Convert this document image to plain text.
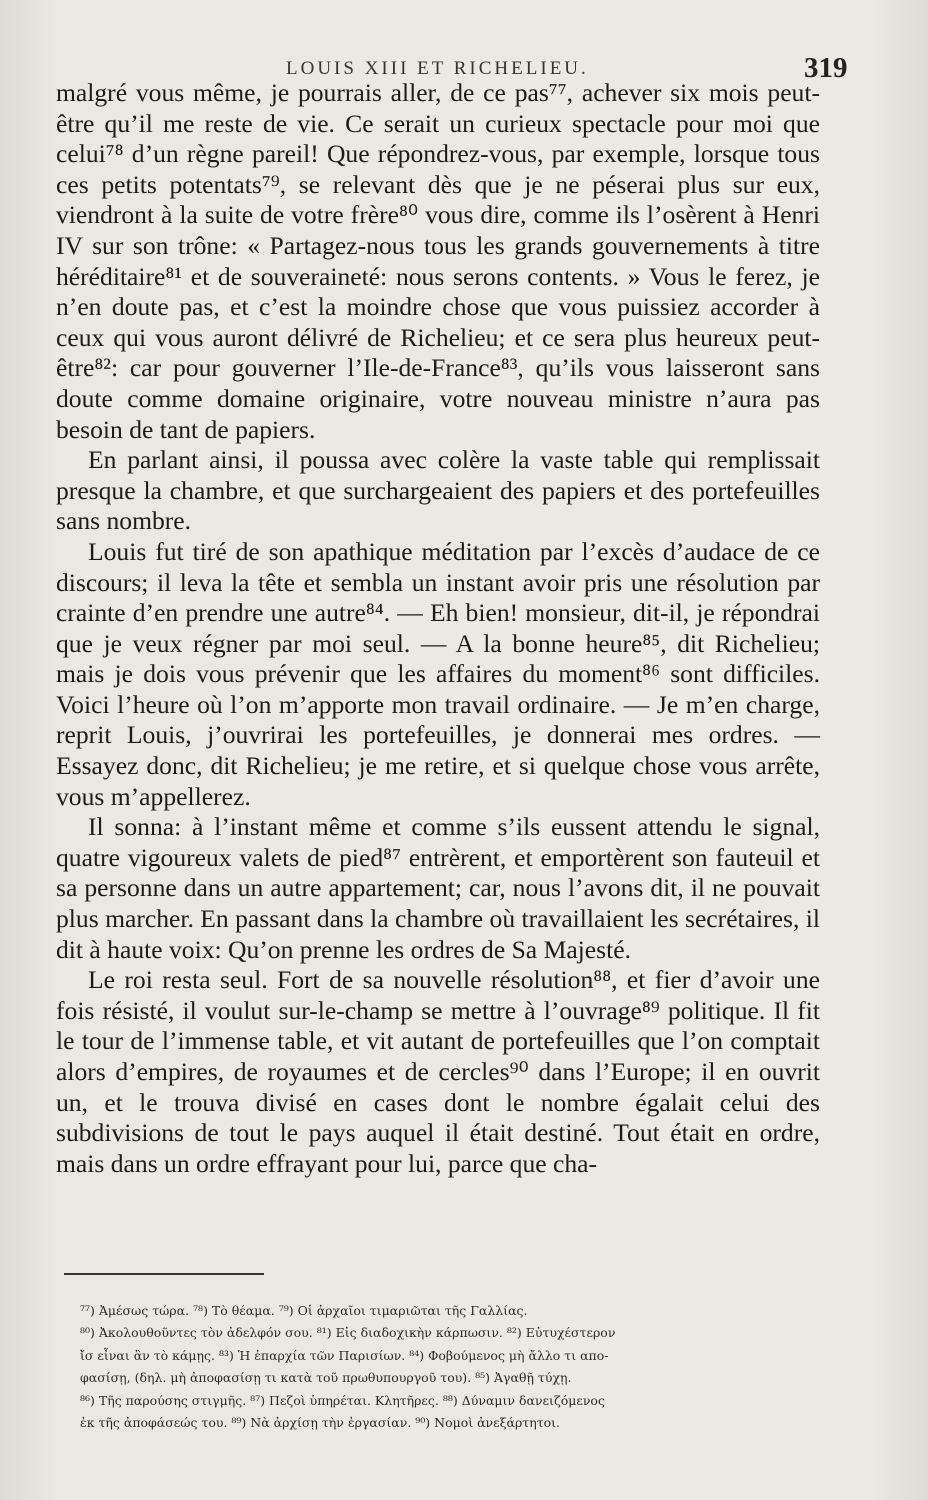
LOUIS XIII ET RICHELIEU.	319

malgré vous même, je pourrais aller, de ce pas⁷⁷, achever six mois peut-être qu’il me reste de vie. Ce serait un curieux spectacle pour moi que celui⁷⁸ d’un règne pareil! Que répondrez-vous, par exemple, lorsque tous ces petits potentats⁷⁹, se relevant dès que je ne péserai plus sur eux, viendront à la suite de votre frère⁸⁰ vous dire, comme ils l’osèrent à Henri IV sur son trône: « Partagez-nous tous les grands gouvernements à titre héréditaire⁸¹ et de souveraineté: nous serons contents. » Vous le ferez, je n’en doute pas, et c’est la moindre chose que vous puissiez accorder à ceux qui vous auront délivré de Richelieu; et ce sera plus heureux peut-être⁸²: car pour gouverner l’Ile-de-France⁸³, qu’ils vous laisseront sans doute comme domaine originaire, votre nouveau ministre n’aura pas besoin de tant de papiers.

En parlant ainsi, il poussa avec colère la vaste table qui remplissait presque la chambre, et que surchargeaient des papiers et des portefeuilles sans nombre.

Louis fut tiré de son apathique méditation par l’excès d’audace de ce discours; il leva la tête et sembla un instant avoir pris une résolution par crainte d’en prendre une autre⁸⁴. — Eh bien! monsieur, dit-il, je répondrai que je veux régner par moi seul. — A la bonne heure⁸⁵, dit Richelieu; mais je dois vous prévenir que les affaires du moment⁸⁶ sont difficiles. Voici l’heure où l’on m’apporte mon travail ordinaire. — Je m’en charge, reprit Louis, j’ouvrirai les portefeuilles, je donnerai mes ordres. — Essayez donc, dit Richelieu; je me retire, et si quelque chose vous arrête, vous m’appellerez.

Il sonna: à l’instant même et comme s’ils eussent attendu le signal, quatre vigoureux valets de pied⁸⁷ entrèrent, et emportèrent son fauteuil et sa personne dans un autre appartement; car, nous l’avons dit, il ne pouvait plus marcher. En passant dans la chambre où travaillaient les secrétaires, il dit à haute voix: Qu’on prenne les ordres de Sa Majesté.

Le roi resta seul. Fort de sa nouvelle résolution⁸⁸, et fier d’avoir une fois résisté, il voulut sur-le-champ se mettre à l’ouvrage⁸⁹ politique. Il fit le tour de l’immense table, et vit autant de portefeuilles que l’on comptait alors d’empires, de royaumes et de cercles⁹⁰ dans l’Europe; il en ouvrit un, et le trouva divisé en cases dont le nombre égalait celui des subdivisions de tout le pays auquel il était destiné. Tout était en ordre, mais dans un ordre effrayant pour lui, parce que cha-

⁷⁷) Ἀμέσως τώρα. ⁷⁸) Τὸ θέαμα. ⁷⁹) Οἱ ἀρχαῖοι τιμαριῶται τῆς Γαλλίας.

⁸⁰) Ἀκολουθοῦντες τὸν ἀδελφόν σου. ⁸¹) Εἰς διαδοχικὴν κάρπωσιν. ⁸²) Εὐτυχέστερον

ἴσ εἶναι ἂν τὸ κάμῃς. ⁸³) Ἡ ἐπαρχία τῶν Παρισίων. ⁸⁴) Φοβούμενος μὴ ἄλλο τι απο-

φασίσῃ, (δηλ. μὴ ἀποφασίσῃ τι κατὰ τοῦ πρωθυπουργοῦ του). ⁸⁵) Ἀγαθῇ τύχῃ.

⁸⁶) Τῆς παρούσης στιγμῆς. ⁸⁷) Πεζοὶ ὑπηρέται. Κλητῆρες. ⁸⁸) Δύναμιν δανειζόμενος

ἐκ τῆς ἀποφάσεώς του. ⁸⁹) Νὰ ἀρχίσῃ τὴν ἐργασίαν. ⁹⁰) Νομοὶ ἀνεξάρτητοι.
